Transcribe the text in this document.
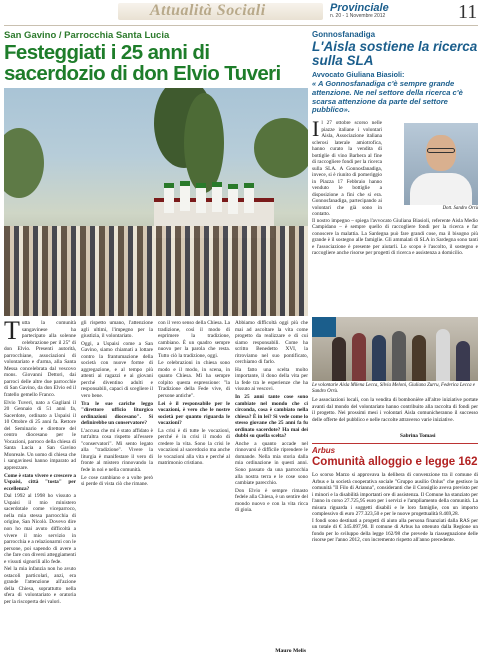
Attualità Sociali	Provinciale
n. 20 - 1 Novembre 2012	11
San Gavino / Parrocchia Santa Lucia
Festeggiati i 25 anni di sacerdozio di don Elvio Tuveri
T utta la comunità sangavinese ha partecipato alla solenne celebrazione per il 25° di don Elvio. Presenti autorità, parrocchiane, associazioni di volontariato e d'arma, alla Santa Messa concelebrata dal vescovo mons. Giovanni Dettori, dai parroci delle altre due parrocchie di San Gavino, da don Elvio ed il fratello gemello Franco.

Elvio Tuveri, nato a Gagliani il 20 Gennaio di 51 anni fa, Sacerdote, ordinato a Uspaisi il 10 Ottobre di 25 anni fa. Rettore del Seminario e direttore del centro diocesano per le Vocazioni, parroco della chiesa di Santa Lucia a San Gavino Monreale. Un uomo di chiesa che i sangavinesi hanno imparato ad apprezzare.

Come è stato vivere e crescere a Uspaisi, città "tosta" per eccellenza?

Dal 1992 al 1998 ho vissuto a Uspaisi il mio ministero sacerdotale come viceparroco, nella mia stessa parrocchia di origine, San Nicolò. Dovevo dire non ho mai avuto difficoltà a vivere il mio servizio in parrocchia e a relazionarmi con le persone, poi sapendo di avere a che fare con diversi atteggiamenti e vissuti signorili allo fede.

Nel la mia infanzia non ho avuto ostacoli particolari, anzi, era grande l'attenzione all'azione della Chiesa, soprattutto nella sfera di volontariato e oratoria per la riscoperta dei valori.

gli rispetto umano, l'attenzione agli ultimi, l'impegno per la giustizia, il volontariato.

Oggi, a Uspaisi come a San Gavino, siamo chiamati a lottare contro la frantumazione della società con nuove forme di aggregazione, e al tempo più attenti ai ragazzi e ai giovani perché diventino adulti e responsabili, capaci di scegliere il vero bene.

Tra le sue cariche leggo "direttore ufficio liturgico ordinazioni diocesano". Si definirebbe un conservatore?

L'accusa che mi è stato affidato è tutt'altra cosa rispetto all'essere "conservatori". Mi sento legato alla "tradizione". Vivere la liturgia è manifestare il vero di fronte al mistero rinnovando la fede in noi e nella comunità.

Le cose cambiano e a volte però si perde di vista ciò che rimane.

con il vero senso della Chiesa. La tradizione, così il modo di esprimere la tradizione, cambiano. È un quadro sempre nuovo per la parola che resta. Tutto ciò la tradizione, oggi.

Le celebrazioni in chiesa sono modo e il modo, in scena, in quanto Chiesa. Mi ha sempre colpito questa espressione: "la Tradizione della Fede vive, di persone antiche".

Lei è il responsabile per le vocazioni, è vero che le nostre società per quanto riguarda le vocazioni?

La crisi è di tutte le vocazioni, perché è in crisi il modo di credere la vita. Sono la crisi le vocazioni al sacerdozio ma anche le vocazioni alla vita e perché al matrimonio cristiano.

Abbiamo difficoltà oggi più che mai ad ascoltare la vita come progetto da realizzare e di cui siamo responsabili. Come ha scritto Benedetto XVI, la ritroviamo nel suo pontificato, cerchiamo di farlo.

Ha fatto una scelta molto importante, il dono della vita per la fede tra le esperienze che ha vissuto ai vescovi.

In 25 anni tante cose sono cambiate nel mondo che ci circonda, cosa è cambiato nella chiesa? È in lei? Si vede come lo stesso giovane che 25 anni fa fu ordinato sacerdote? Ha mai dei dubbi su quella scelta?

Anche a quanto accade nel rinnovarsi è difficile riprendere le domande. Nella mia storia dalla mia ordinazione in questi anni. Sono passato da una parrocchia alla nostra terra e le cose sono cambiate parecchio.

Don Elvio è sempre rimasto fedele alla Chiesa, è un sentire del mondo nuovo e con la vita ricca di gioia.

Mauro Melis
Gonnosfanadiga
L'Aisla sostiene la ricerca sulla SLA
Avvocato Giuliana Biasioli:
« A Gonnosfanadiga c'è sempre grande attenzione. Ne nel settore della ricerca c'è scarsa attenzione da parte del settore pubblico».
Dott. Sandro Orrù
I l 27 ottobre scorso nelle piazze italiane i volontari Aisla, Associazione italiana sclerosi laterale amiotrofica, hanno curato la vendita di bottiglie di vino Barbera al fine di raccogliere fondi per la ricerca sulla SLA. A Gonnosfanadiga, invece, si è riunito di pomeriggio in Piazza 17 Febbraio hanno venduto le bottiglie a disposizione a fini che si era. Gonnosfanadiga, partecipando ai volontari che già sono in contatto.

Il nostro impegno – spiega l'avvocato Giuliana Biasioli, referente Aisla Medio Campidano – è sempre quello di raccogliere fondi per la ricerca e far conoscere la malattia. La Sardegna può fare grandi cose, ma il bisogno più grande è il sostegno alle famiglie. Gli ammalati di SLA in Sardegna sono tanti e l'associazione è presente per aiutarli. Lo scopo è l'ascolto, il sostegno e raccogliere anche risorse per progetti di ricerca e assistenza a domicilio.

Le volontarie Aisla Milena Lecca, Silvia Meloni, Giuliana Zurru, Federica Lecca e Sandro Orrù.
Le associazioni locali, con la vendita di bombonière all'altre iniziative portate avanti dal mondo del volontariato hanno contribuito alla raccolta di fondi per il progetto. Nei prossimi mesi i volontari Aisla comunicheranno il successo delle offerte del pubblico e nelle raccolte attraverso varie iniziative.
Sabrina Tomasi
Arbus
Comunità alloggio e legge 162

Lo scorso Marzo si approvava la delibera di convenzione tra il comune di Arbus e la società cooperativa sociale "Gruppo ausilio Onlus" che gestisce la comunità "Il Filo di Arianna", consideranti che il Consiglio aveva previsto per i minori e la disabilità importanti ore di assistenza. Il Comune ha stanziato per l'anno in corso 27.725,95 euro per i servizi e l'ampliamento della comunità. La misura riguarda i soggetti disabili e le loro famiglie, con un importo complessivo di euro 277.323,50 e per le nuove progettualità 8.469,28.

I fondi sono destinati a progetti di aiuto alla persona finanziati dalla RAS per un totale di € 345.097,90. Il comune di Arbus ha ottenuto dalla Regione un fondo per lo sviluppo della legge 162/98 che prevede la riassegnazione delle risorse per l'anno 2012, con incremento rispetto all'anno precedente.
